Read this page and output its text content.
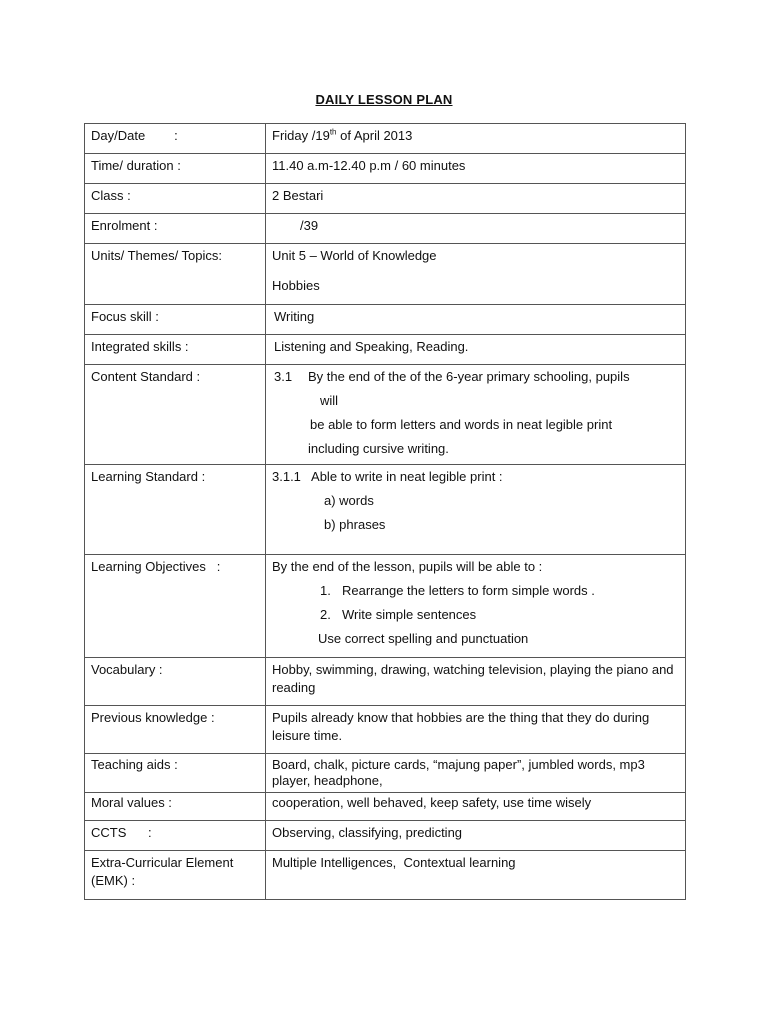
DAILY LESSON PLAN
Day/Date        :	Friday /19th of April 2013
Time/ duration :	11.40 a.m-12.40 p.m / 60 minutes
Class :	2 Bestari
Enrolment :	/39

Units/ Themes/ Topics:	Unit 5 – World of Knowledge
Hobbies

Focus skill :	Writing

Integrated skills :	Listening and Speaking, Reading.

Content Standard :	3.1 By the end of the of the 6-year primary schooling, pupils
will
be able to form letters and words in neat legible print
including cursive writing.

Learning Standard :	3.1.1   Able to write in neat legible print :
a) words
b) phrases

Learning Objectives   :	By the end of the lesson, pupils will be able to :
1. Rearrange the letters to form simple words .
2. Write simple sentences
Use correct spelling and punctuation

Vocabulary :	Hobby, swimming, drawing, watching television, playing the piano and reading
Previous knowledge :	Pupils already know that hobbies are the thing that they do during leisure time.
Teaching aids :	Board, chalk, picture cards, “majung paper”, jumbled words, mp3 player, headphone,
Moral values :	cooperation, well behaved, keep safety, use time wisely
CCTS      :	Observing, classifying, predicting
Extra-Curricular Element (EMK) :	Multiple Intelligences,  Contextual learning
